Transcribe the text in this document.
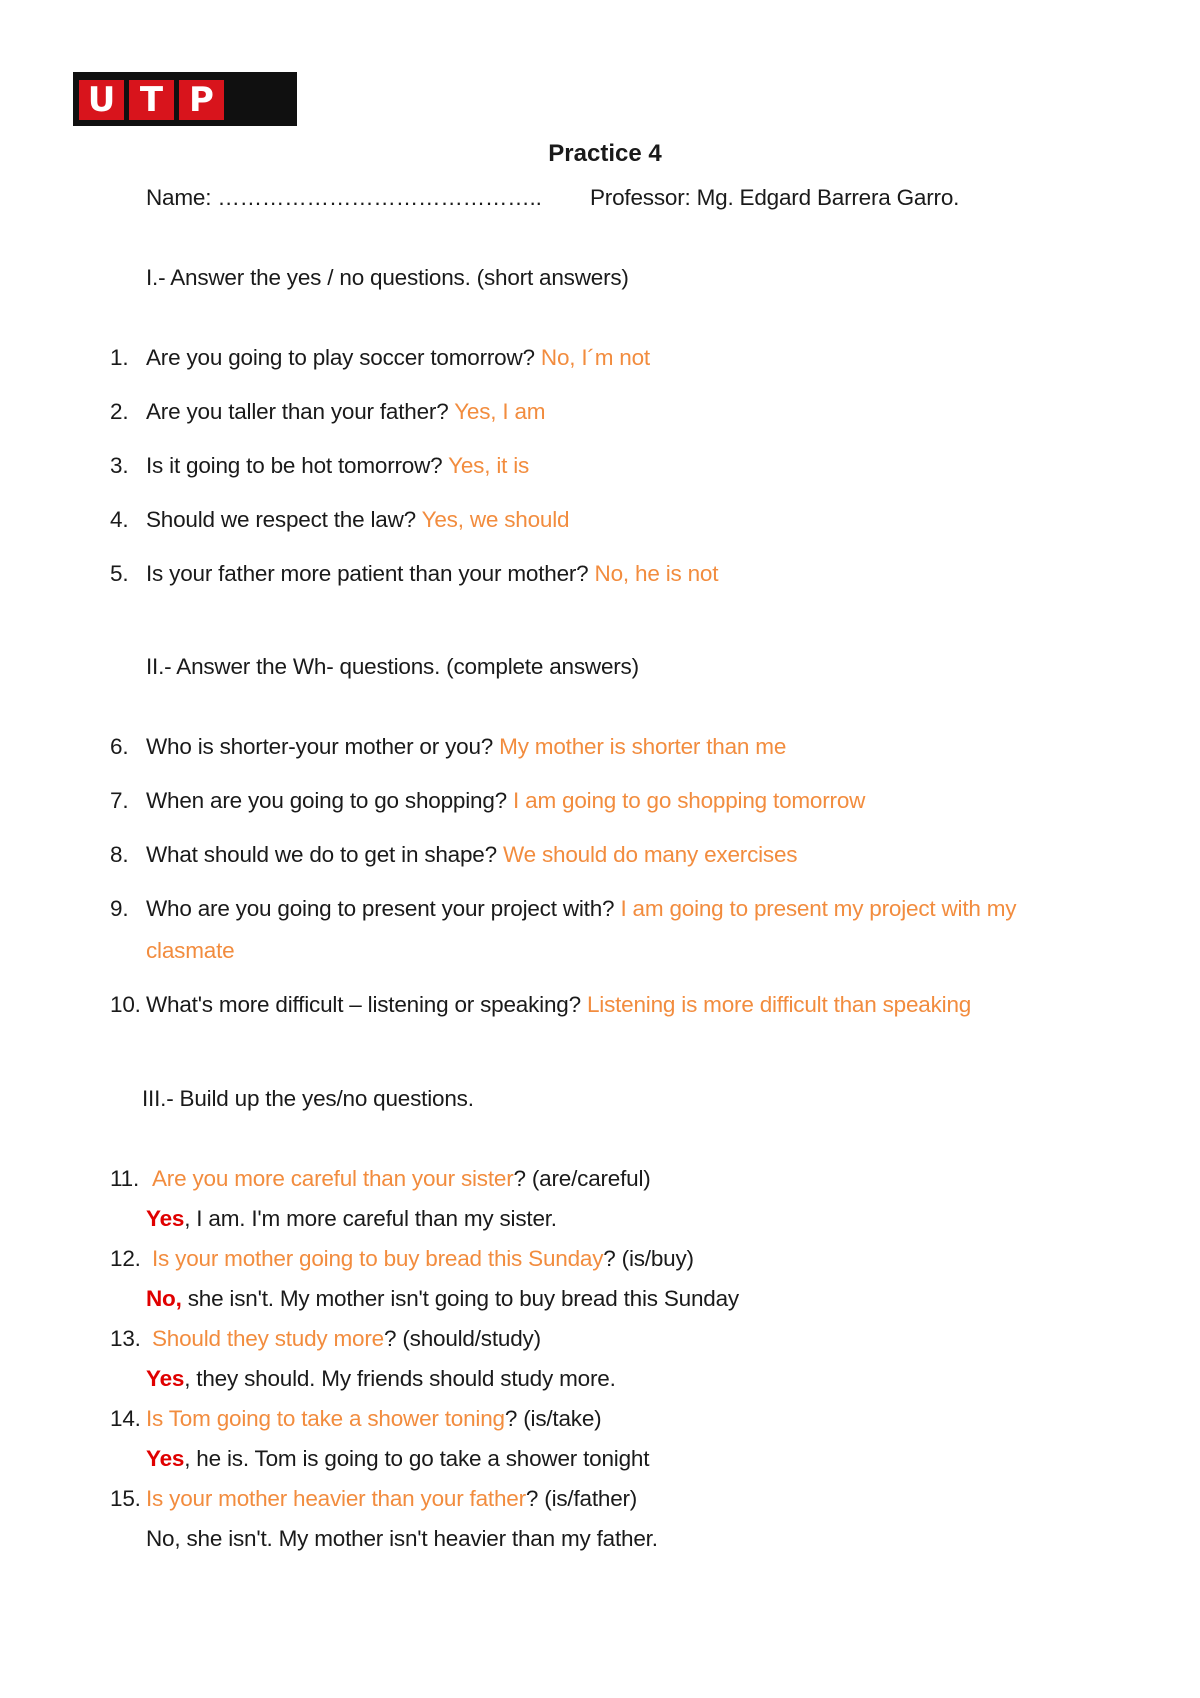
U T P
Practice 4
Name: …………………………………….. Professor: Mg. Edgard Barrera Garro.
I.- Answer the yes / no questions. (short answers)
1. Are you going to play soccer tomorrow? No, I´m not
2. Are you taller than your father? Yes, I am
3. Is it going to be hot tomorrow? Yes, it is
4. Should we respect the law? Yes, we should
5. Is your father more patient than your mother? No, he is not
II.- Answer the Wh- questions. (complete answers)
6. Who is shorter-your mother or you? My mother is shorter than me
7. When are you going to go shopping? I am going to go shopping tomorrow
8. What should we do to get in shape? We should do many exercises
9. Who are you going to present your project with? I am going to present my project with my
clasmate
10. What's more difficult – listening or speaking? Listening is more difficult than speaking
III.- Build up the yes/no questions.
11. Are you more careful than your sister? (are/careful)
Yes, I am. I'm more careful than my sister.
12. Is your mother going to buy bread this Sunday? (is/buy)
No, she isn't. My mother isn't going to buy bread this Sunday
13. Should they study more? (should/study)
Yes, they should. My friends should study more.
14. Is Tom going to take a shower toning? (is/take)
Yes, he is. Tom is going to go take a shower tonight
15. Is your mother heavier than your father? (is/father)
No, she isn't. My mother isn't heavier than my father.
